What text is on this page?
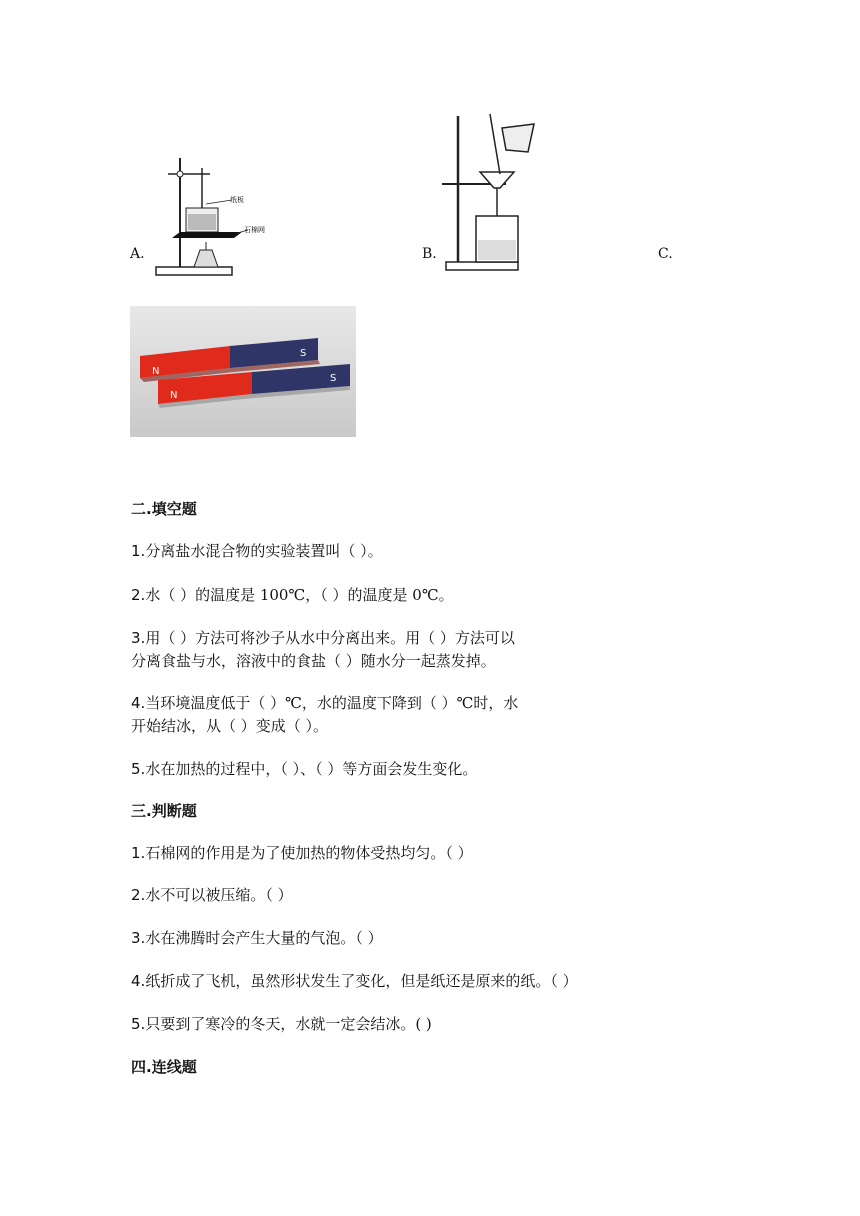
A.
纸板
石棉网
B.	C.
N
S
N
S
二.填空题
1.分离盐水混合物的实验装置叫（ ）。
2.水（ ）的温度是 100℃，（ ）的温度是 0℃。
3.用（ ）方法可将沙子从水中分离出来。用（ ）方法可以
分离食盐与水，溶液中的食盐（ ）随水分一起蒸发掉。
4.当环境温度低于（ ）℃，水的温度下降到（ ）℃时，水
开始结冰，从（ ）变成（ ）。
5.水在加热的过程中，（ ）、（ ）等方面会发生变化。
三.判断题
1.石棉网的作用是为了使加热的物体受热均匀。（ ）
2.水不可以被压缩。（ ）
3.水在沸腾时会产生大量的气泡。（ ）
4.纸折成了飞机，虽然形状发生了变化，但是纸还是原来的纸。（ ）
5.只要到了寒冷的冬天，水就一定会结冰。( )
四.连线题
